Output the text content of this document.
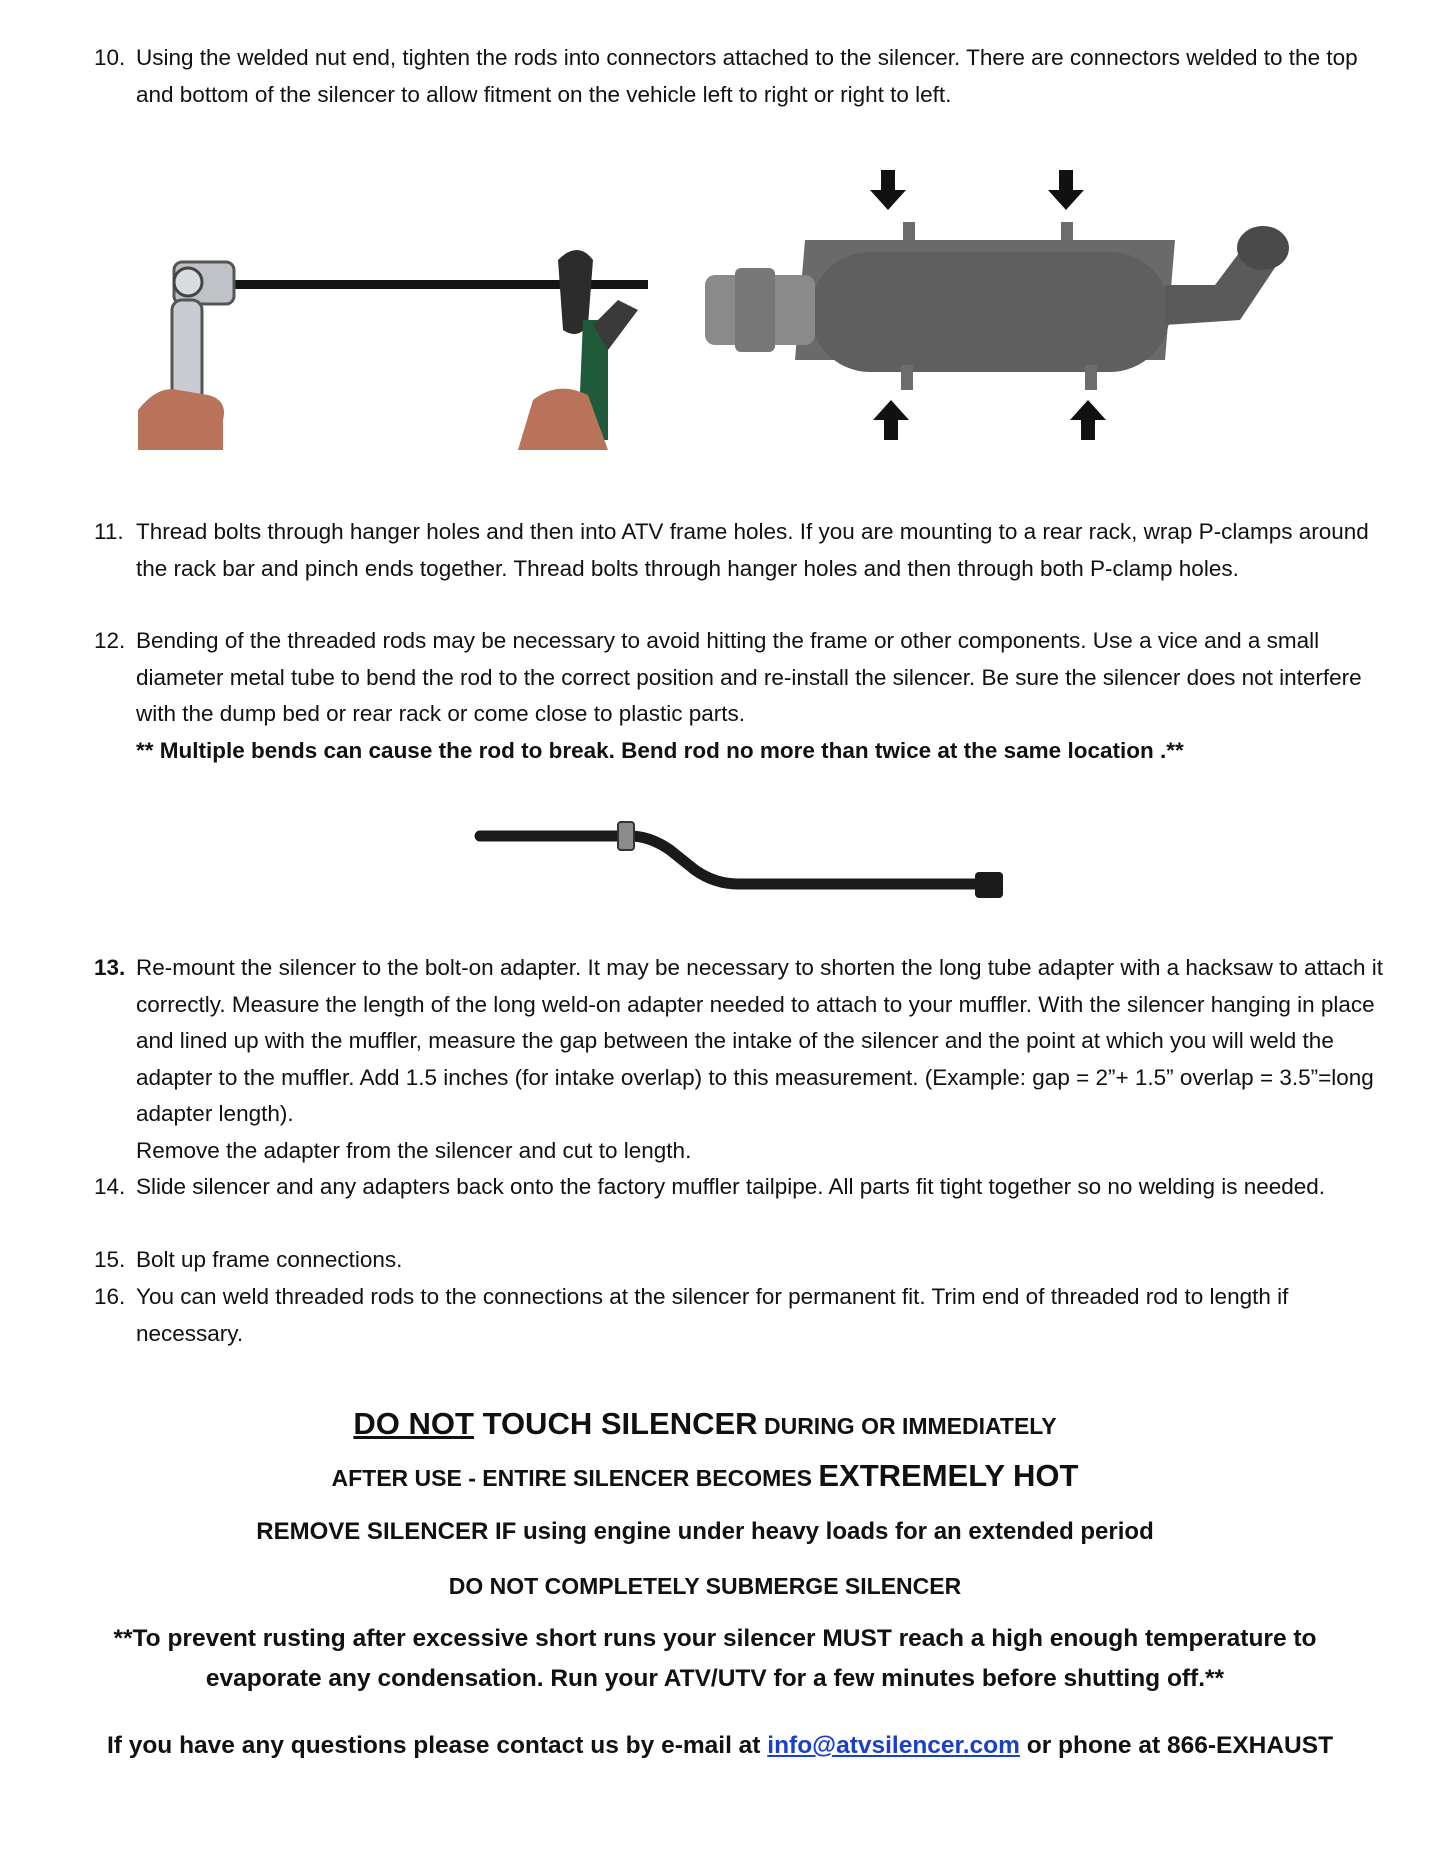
10. Using the welded nut end, tighten the rods into connectors attached to the silencer. There are connectors welded to the top and bottom of the silencer to allow fitment on the vehicle left to right or right to left.
11. Thread bolts through hanger holes and then into ATV frame holes. If you are mounting to a rear rack, wrap P-clamps around the rack bar and pinch ends together. Thread bolts through hanger holes and then through both P-clamp holes.
12. Bending of the threaded rods may be necessary to avoid hitting the frame or other components. Use a vice and a small diameter metal tube to bend the rod to the correct position and re-install the silencer. Be sure the silencer does not interfere with the dump bed or rear rack or come close to plastic parts.
** Multiple bends can cause the rod to break. Bend rod no more than twice at the same location .**
13. Re-mount the silencer to the bolt-on adapter. It may be necessary to shorten the long tube adapter with a hacksaw to attach it correctly. Measure the length of the long weld-on adapter needed to attach to your muffler. With the silencer hanging in place and lined up with the muffler, measure the gap between the intake of the silencer and the point at which you will weld the adapter to the muffler. Add 1.5 inches (for intake overlap) to this measurement. (Example: gap = 2”+ 1.5” overlap = 3.5”=long adapter length).
Remove the adapter from the silencer and cut to length.
14. Slide silencer and any adapters back onto the factory muffler tailpipe. All parts fit tight together so no welding is needed.
15. Bolt up frame connections.
16. You can weld threaded rods to the connections at the silencer for permanent fit. Trim end of threaded rod to length if necessary.
DO NOT TOUCH SILENCER DURING OR IMMEDIATELY
AFTER USE - ENTIRE SILENCER BECOMES EXTREMELY HOT
REMOVE SILENCER IF using engine under heavy loads for an extended period
DO NOT COMPLETELY SUBMERGE SILENCER
**To prevent rusting after excessive short runs your silencer MUST reach a high enough temperature to evaporate any condensation. Run your ATV/UTV for a few minutes before shutting off.**
If you have any questions please contact us by e-mail at info@atvsilencer.com or phone at 866-EXHAUST
